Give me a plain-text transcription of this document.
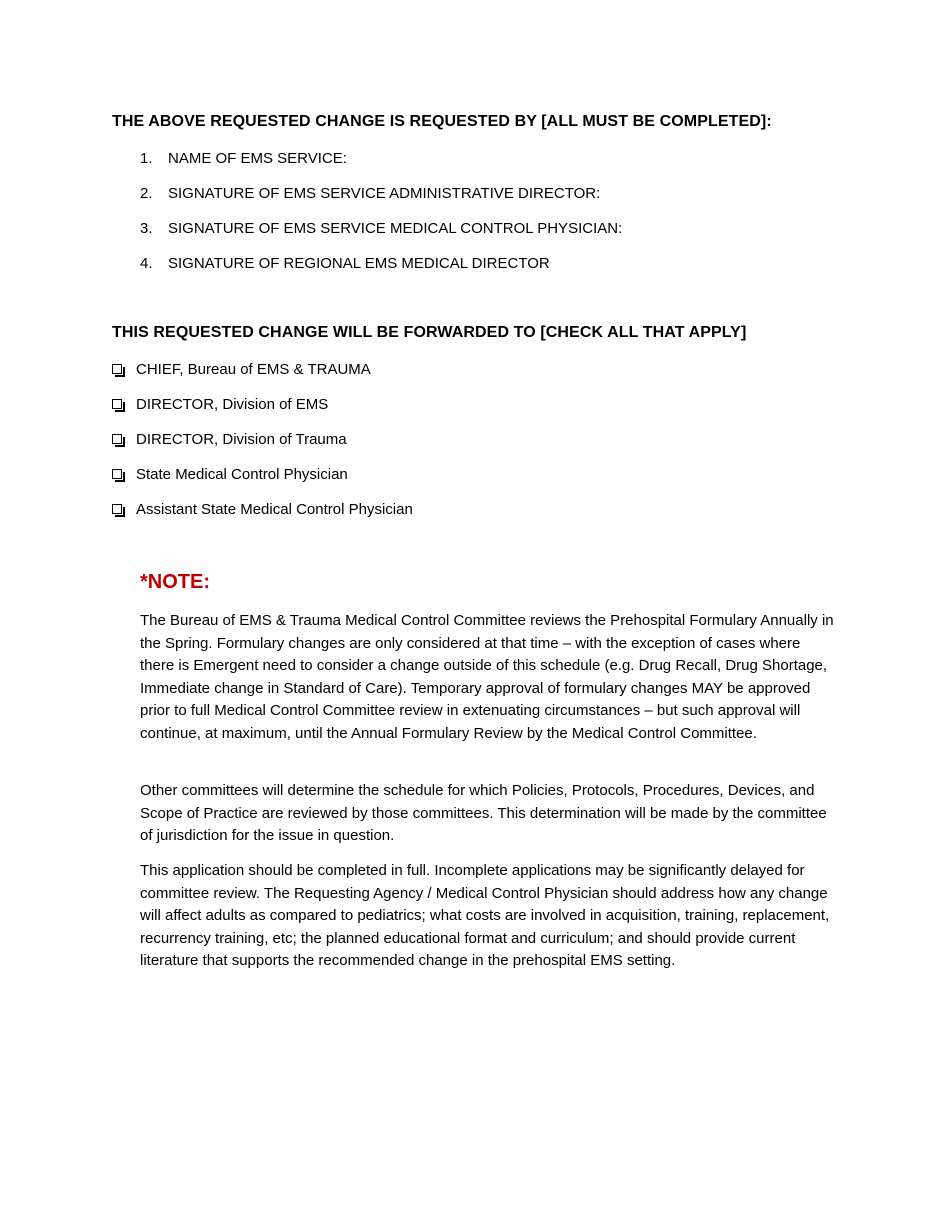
THE ABOVE REQUESTED CHANGE IS REQUESTED BY [ALL MUST BE COMPLETED]:
1.	NAME OF EMS SERVICE:
2.	SIGNATURE OF EMS SERVICE ADMINISTRATIVE DIRECTOR:
3.	SIGNATURE OF EMS SERVICE MEDICAL CONTROL PHYSICIAN:
4.	SIGNATURE OF REGIONAL EMS MEDICAL DIRECTOR
THIS REQUESTED CHANGE WILL BE FORWARDED TO [CHECK ALL THAT APPLY]
CHIEF, Bureau of EMS & TRAUMA
DIRECTOR, Division of EMS
DIRECTOR, Division of Trauma
State Medical Control Physician
Assistant State Medical Control Physician
*NOTE:

The Bureau of EMS & Trauma Medical Control Committee reviews the Prehospital Formulary Annually in the Spring. Formulary changes are only considered at that time – with the exception of cases where there is Emergent need to consider a change outside of this schedule (e.g. Drug Recall, Drug Shortage, Immediate change in Standard of Care). Temporary approval of formulary changes MAY be approved prior to full Medical Control Committee review in extenuating circumstances – but such approval will continue, at maximum, until the Annual Formulary Review by the Medical Control Committee.

Other committees will determine the schedule for which Policies, Protocols, Procedures, Devices, and Scope of Practice are reviewed by those committees. This determination will be made by the committee of jurisdiction for the issue in question.

This application should be completed in full. Incomplete applications may be significantly delayed for committee review. The Requesting Agency / Medical Control Physician should address how any change will affect adults as compared to pediatrics; what costs are involved in acquisition, training, replacement, recurrency training, etc; the planned educational format and curriculum; and should provide current literature that supports the recommended change in the prehospital EMS setting.
